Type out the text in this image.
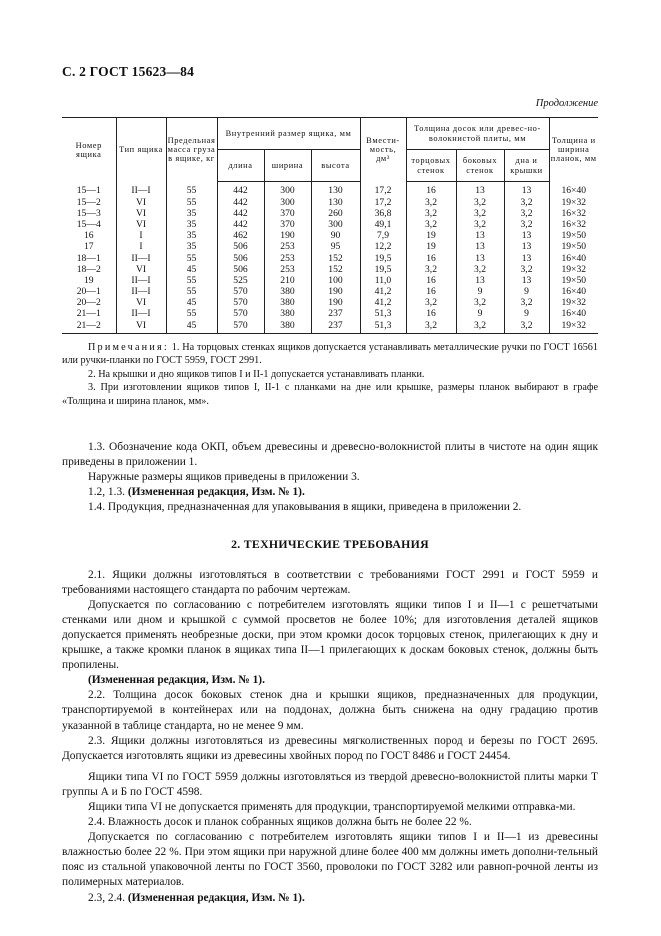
С. 2 ГОСТ 15623—84
Продолжение
Номер ящика	Тип ящика	Предельная масса груза в ящике, кг	Внутренний размер ящика, мм			Вмести-мость, дм³	Толщина досок или древес-но-волокнистой плиты, мм			Толщина и ширина планок, мм
			длина	ширина	высота		торцовых стенок	боковых стенок	дна и крышки	
15—1	II—I	55	442	300	130	17,2	16	13	13	16×40
15—2	VI	55	442	300	130	17,2	3,2	3,2	3,2	19×32
15—3	VI	35	442	370	260	36,8	3,2	3,2	3,2	16×32
15—4	VI	35	442	370	300	49,1	3,2	3,2	3,2	16×32
16	I	35	462	190	90	7,9	19	13	13	19×50
17	I	35	506	253	95	12,2	19	13	13	19×50
18—1	II—I	55	506	253	152	19,5	16	13	13	16×40
18—2	VI	45	506	253	152	19,5	3,2	3,2	3,2	19×32
19	II—I	55	525	210	100	11,0	16	13	13	19×50
20—1	II—I	55	570	380	190	41,2	16	9	9	16×40
20—2	VI	45	570	380	190	41,2	3,2	3,2	3,2	19×32
21—1	II—I	55	570	380	237	51,3	16	9	9	16×40
21—2	VI	45	570	380	237	51,3	3,2	3,2	3,2	19×32

Примечания: 1. На торцовых стенках ящиков допускается устанавливать металлические ручки по ГОСТ 16561 или ручки-планки по ГОСТ 5959, ГОСТ 2991.

2. На крышки и дно ящиков типов I и II-1 допускается устанавливать планки.

3. При изготовлении ящиков типов I, II-1 с планками на дне или крышке, размеры планок выбирают в графе «Толщина и ширина планок, мм».

1.3. Обозначение кода ОКП, объем древесины и древесно-волокнистой плиты в чистоте на один ящик приведены в приложении 1.

Наружные размеры ящиков приведены в приложении 3.

1.2, 1.3. (Измененная редакция, Изм. № 1).

1.4. Продукция, предназначенная для упаковывания в ящики, приведена в приложении 2.

2. ТЕХНИЧЕСКИЕ ТРЕБОВАНИЯ

2.1. Ящики должны изготовляться в соответствии с требованиями ГОСТ 2991 и ГОСТ 5959 и требованиями настоящего стандарта по рабочим чертежам.

Допускается по согласованию с потребителем изготовлять ящики типов I и II—1 с решетчатыми стенками или дном и крышкой с суммой просветов не более 10%; для изготовления деталей ящиков допускается применять необрезные доски, при этом кромки досок торцовых стенок, прилегающих к дну и крышке, а также кромки планок в ящиках типа II—1 прилегающих к доскам боковых стенок, должны быть пропилены.

(Измененная редакция, Изм. № 1).

2.2. Толщина досок боковых стенок дна и крышки ящиков, предназначенных для продукции, транспортируемой в контейнерах или на поддонах, должна быть снижена на одну градацию против указанной в таблице стандарта, но не менее 9 мм.

2.3. Ящики должны изготовляться из древесины мягколиственных пород и березы по ГОСТ 2695. Допускается изготовлять ящики из древесины хвойных пород по ГОСТ 8486 и ГОСТ 24454.

Ящики типа VI по ГОСТ 5959 должны изготовляться из твердой древесно-волокнистой плиты марки Т группы А и Б по ГОСТ 4598.

Ящики типа VI не допускается применять для продукции, транспортируемой мелкими отправка-ми.

2.4. Влажность досок и планок собранных ящиков должна быть не более 22 %.

Допускается по согласованию с потребителем изготовлять ящики типов I и II—1 из древесины влажностью более 22 %. При этом ящики при наружной длине более 400 мм должны иметь дополни-тельный пояс из стальной упаковочной ленты по ГОСТ 3560, проволоки по ГОСТ 3282 или равноп-рочной ленты из полимерных материалов.

2.3, 2.4. (Измененная редакция, Изм. № 1).
